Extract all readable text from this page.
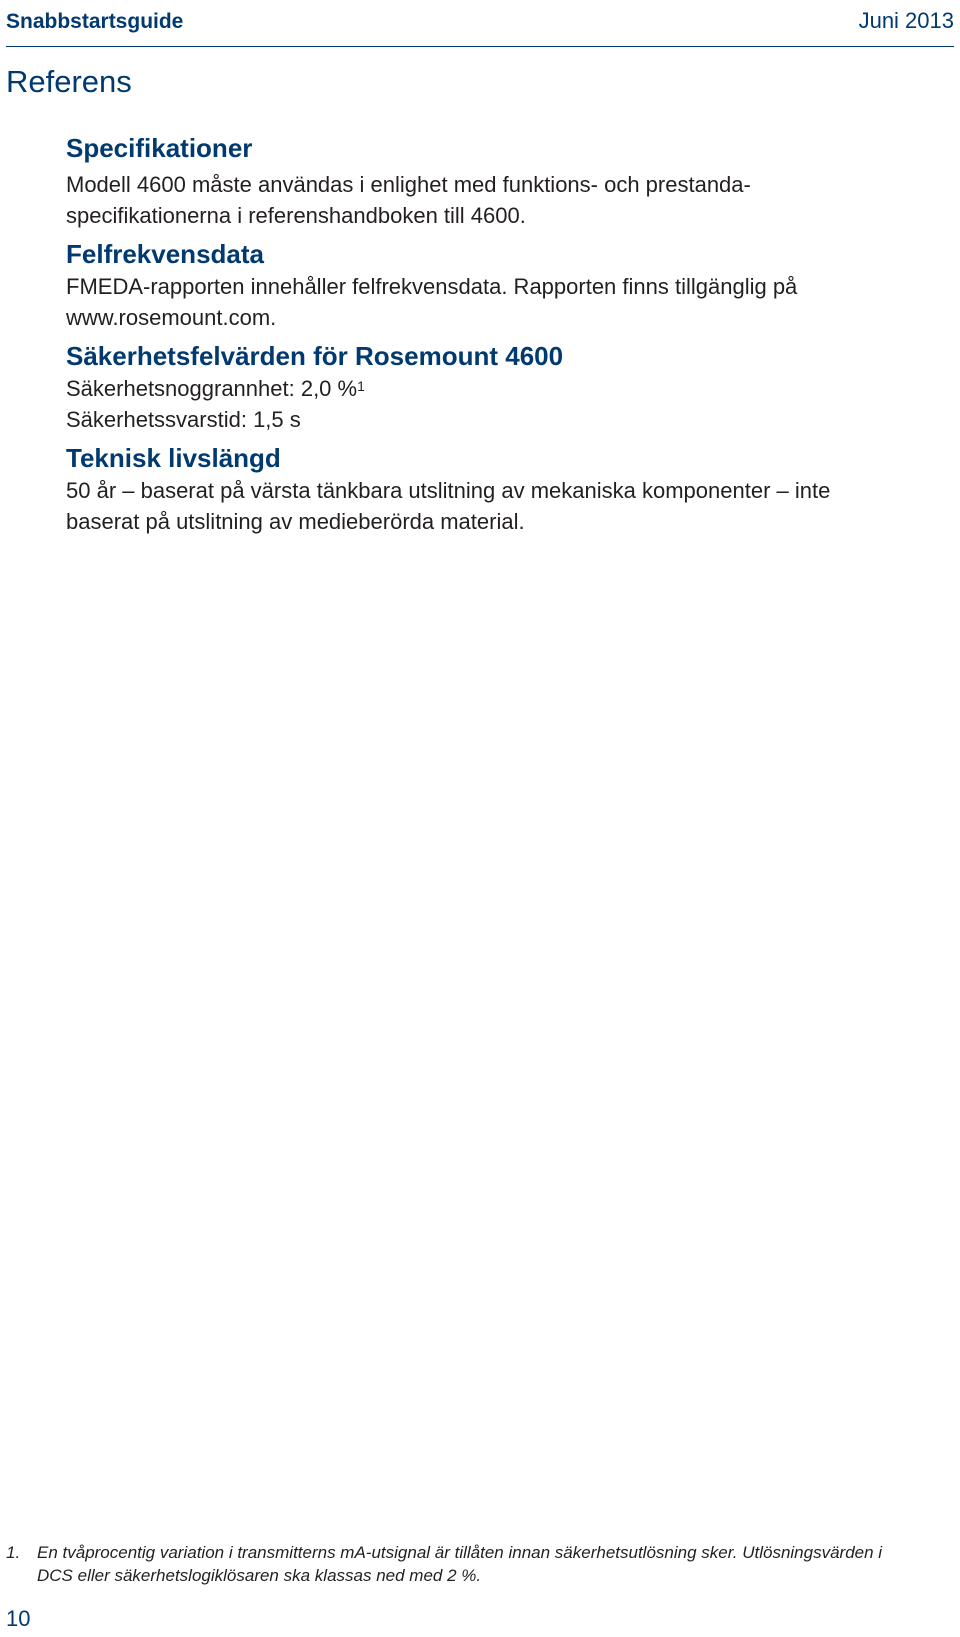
Snabbstartsguide	Juni 2013
Referens
Specifikationer

Modell 4600 måste användas i enlighet med funktions- och prestanda-

specifikationerna i referenshandboken till 4600.

Felfrekvensdata

FMEDA-rapporten innehåller felfrekvensdata. Rapporten finns tillgänglig på

www.rosemount.com.

Säkerhetsfelvärden för Rosemount 4600

Säkerhetsnoggrannhet: 2,0 %$^1$

Säkerhetssvarstid: 1,5 s

Teknisk livslängd

50 år – baserat på värsta tänkbara utslitning av mekaniska komponenter – inte

baserat på utslitning av medieberörda material.

1. En tvåprocentig variation i transmitterns mA-utsignal är tillåten innan säkerhetsutlösning sker. Utlösningsvärden i
DCS eller säkerhetslogiklösaren ska klassas ned med 2 %.
10
